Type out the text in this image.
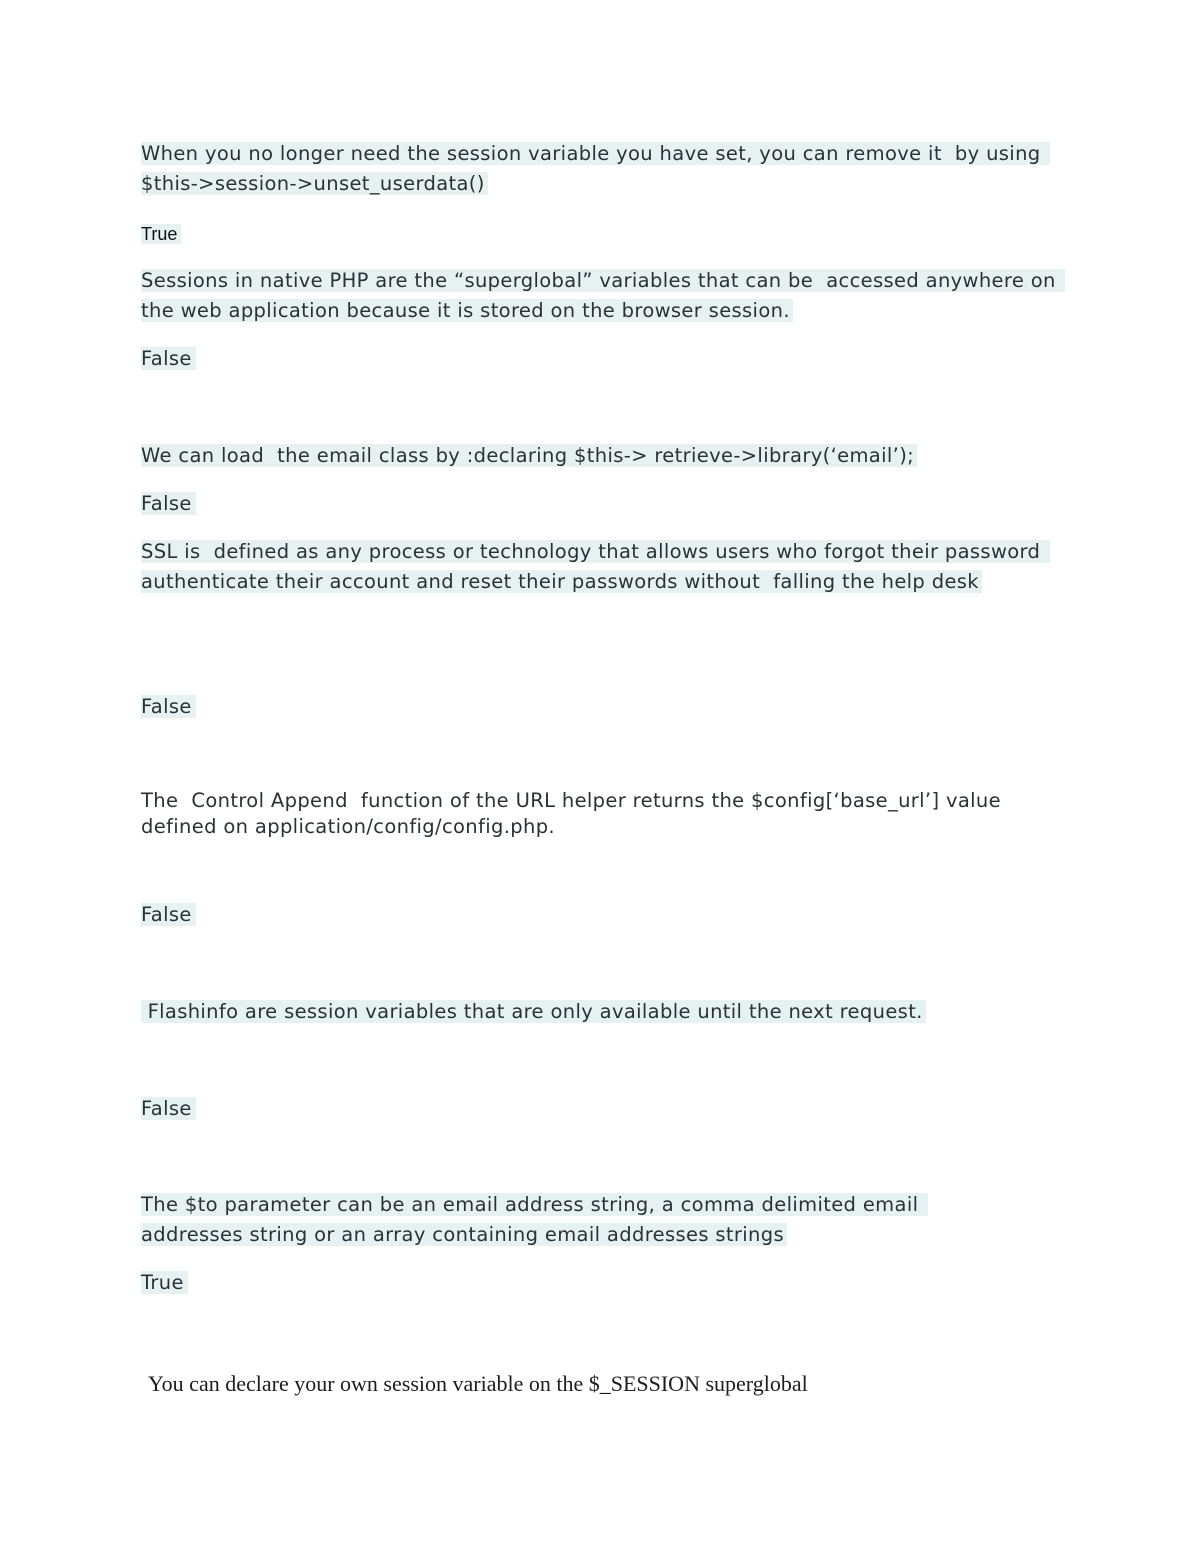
When you no longer need the session variable you have set, you can remove it  by using $this->session->unset_userdata()

True

Sessions in native PHP are the “superglobal” variables that can be  accessed anywhere on the web application because it is stored on the browser session.

False

We can load  the email class by :declaring $this-> retrieve->library(‘email’);

False

SSL is  defined as any process or technology that allows users who forgot their password authenticate their account and reset their passwords without  falling the help desk

False

The  Control Append  function of the URL helper returns the $config[‘base_url’] value defined on application/config/config.php.

False

Flashinfo are session variables that are only available until the next request.

False

The $to parameter can be an email address string, a comma delimited email addresses string or an array containing email addresses strings

True

You can declare your own session variable on the $_SESSION superglobal
